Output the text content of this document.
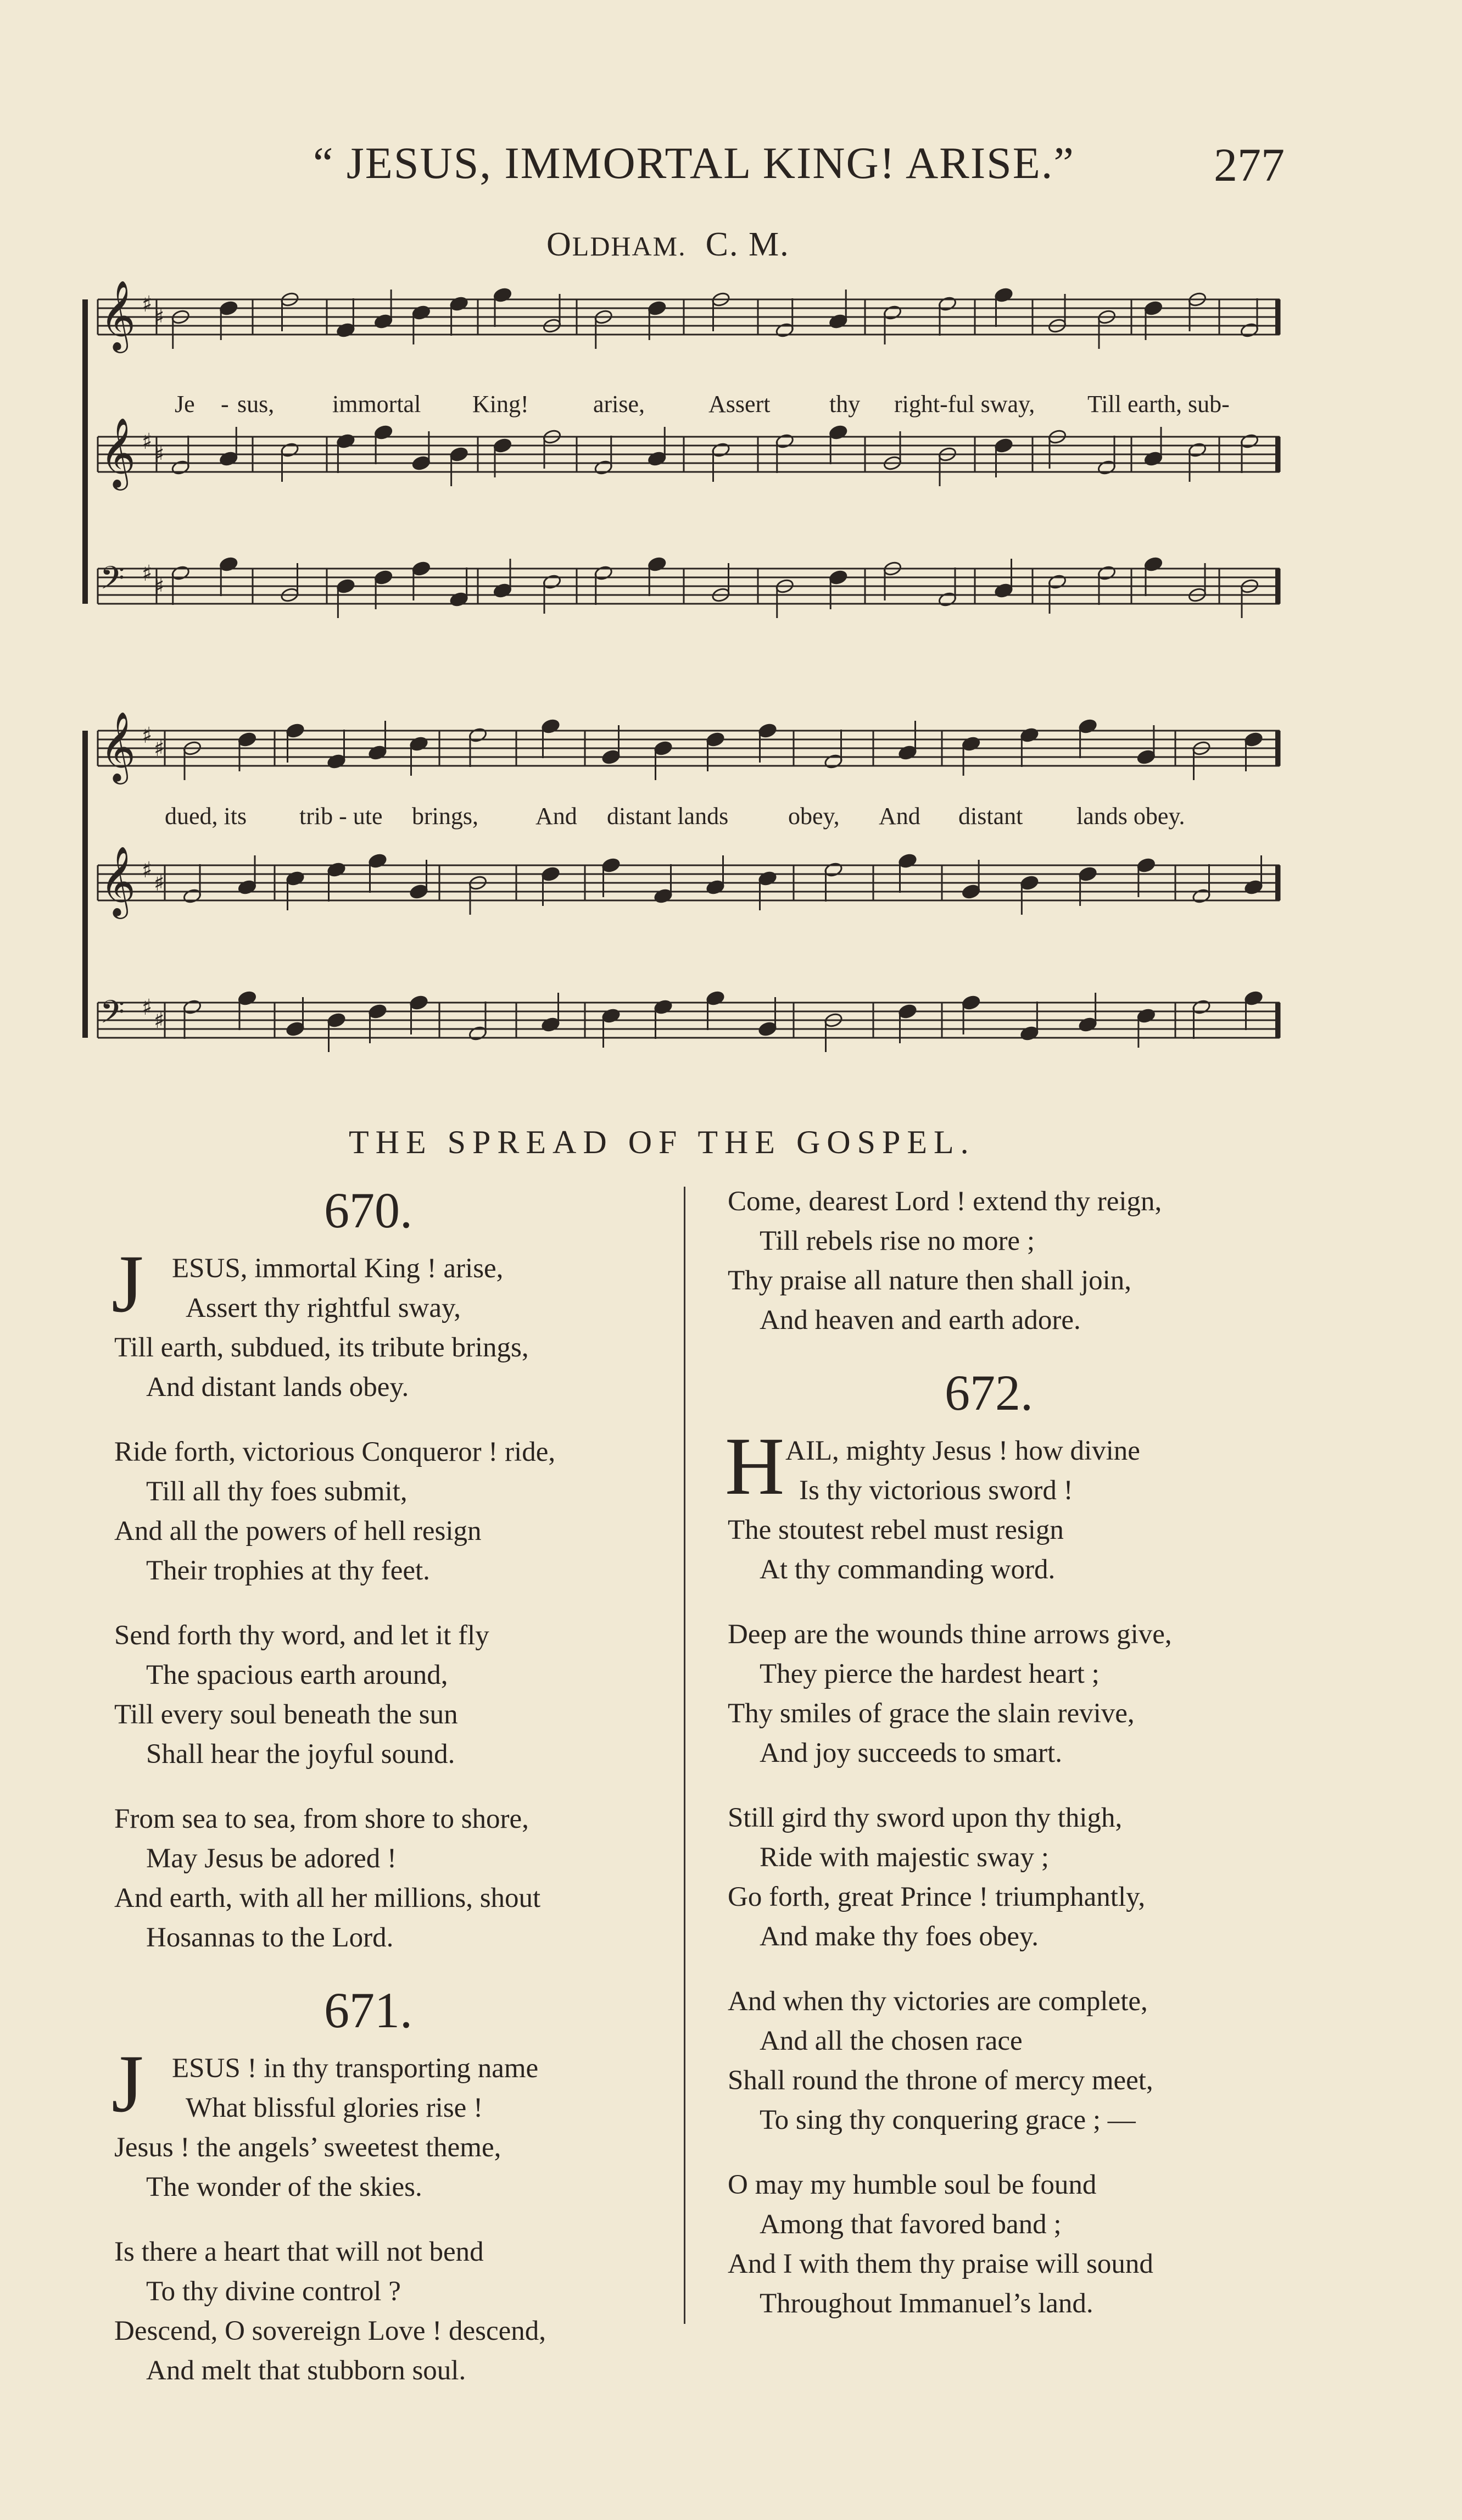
“ JESUS, IMMORTAL KING! ARISE.”	277
OLDHAM. C. M.
𝄞 ♯
♯
𝄞 ♯
♯
𝄢 ♯
♯
𝄞 ♯
♯
𝄞 ♯
♯
𝄢 ♯
♯
Je - sus, immortal King!	arise,	Assert thy right-ful sway, Till earth, sub-
dued, its trib - ute brings, And distant lands obey, And distant lands obey.
THE SPREAD OF THE GOSPEL.
670.
J ESUS, immortal King ! arise,
Assert thy rightful sway,
Till earth, subdued, its tribute brings,
And distant lands obey.
Ride forth, victorious Conqueror ! ride,
Till all thy foes submit,
And all the powers of hell resign
Their trophies at thy feet.
Send forth thy word, and let it fly
The spacious earth around,
Till every soul beneath the sun
Shall hear the joyful sound.
From sea to sea, from shore to shore,
May Jesus be adored !
And earth, with all her millions, shout
Hosannas to the Lord.
671.
J ESUS ! in thy transporting name
What blissful glories rise !
Jesus ! the angels’ sweetest theme,
The wonder of the skies.
Is there a heart that will not bend
To thy divine control ?
Descend, O sovereign Love ! descend,
And melt that stubborn soul.
Come, dearest Lord ! extend thy reign,
Till rebels rise no more ;
Thy praise all nature then shall join,
And heaven and earth adore.
672.
H AIL, mighty Jesus ! how divine
Is thy victorious sword !
The stoutest rebel must resign
At thy commanding word.
Deep are the wounds thine arrows give,
They pierce the hardest heart ;
Thy smiles of grace the slain revive,
And joy succeeds to smart.
Still gird thy sword upon thy thigh,
Ride with majestic sway ;
Go forth, great Prince ! triumphantly,
And make thy foes obey.
And when thy victories are complete,
And all the chosen race
Shall round the throne of mercy meet,
To sing thy conquering grace ; —
O may my humble soul be found
Among that favored band ;
And I with them thy praise will sound
Throughout Immanuel’s land.
